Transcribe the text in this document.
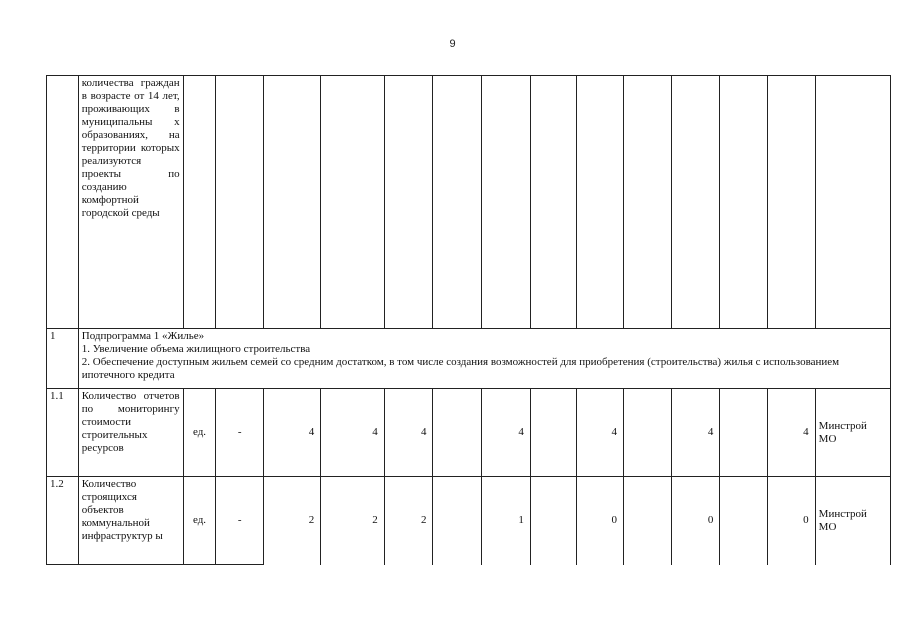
9
	количества граждан в возрасте от 14 лет, проживающих в муниципальны х образованиях, на территории которых реализуются проекты по созданию комфортной городской среды														
1	Подпрограмма 1 «Жилье»
1. Увеличение объема жилищного строительства
2. Обеспечение доступным жильем семей со средним достатком, в том числе создания возможностей для приобретения (строительства) жилья с использованием ипотечного кредита														

1.1	Количество отчетов по мониторингу стоимости строительных ресурсов	ед.	-	4	4	4		4		4		4		4	Минстрой МО
1.2	Количество строящихся объектов коммунальной инфраструктур ы	ед.	-	2	2	2		1		0		0		0	Минстрой МО
